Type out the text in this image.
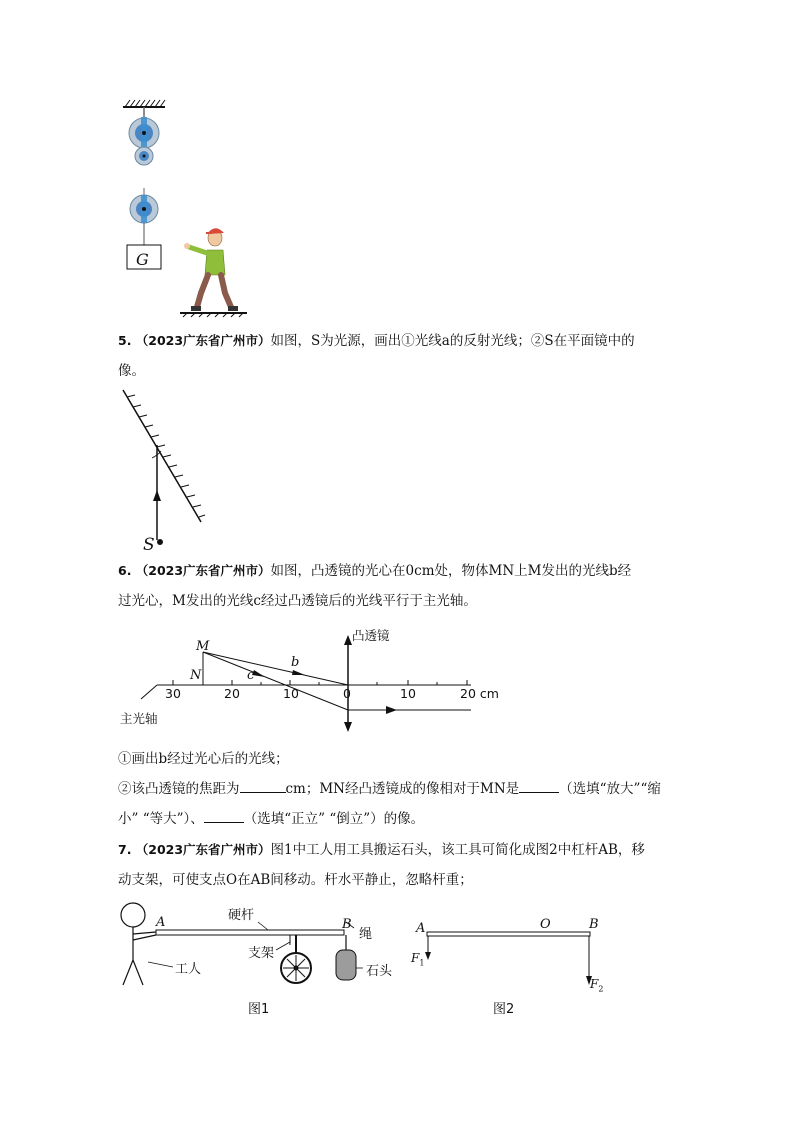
G
5. （2023广东省广州市）如图，S为光源，画出①光线a的反射光线；②S在平面镜中的
像。
S
6. （2023广东省广州市）如图，凸透镜的光心在0cm处，物体MN上M发出的光线b经
过光心，M发出的光线c经过凸透镜后的光线平行于主光轴。
凸透镜
M
N
b
c
30	20	10	0	10	20 cm
主光轴
①画出b经过光心后的光线；
②该凸透镜的焦距为	cm；MN经凸透镜成的像相对于MN是	（选填“放大”“缩
小” “等大”）、	（选填“正立” “倒立”）的像。
7. （2023广东省广州市）图1中工人用工具搬运石头，该工具可简化成图2中杠杆AB，移
动支架，可使支点O在AB间移动。杆水平静止，忽略杆重；
A	B
硬杆
绳
支架
工人	石头
图1
A	O	B
$F_1$
$F_2$
图2
